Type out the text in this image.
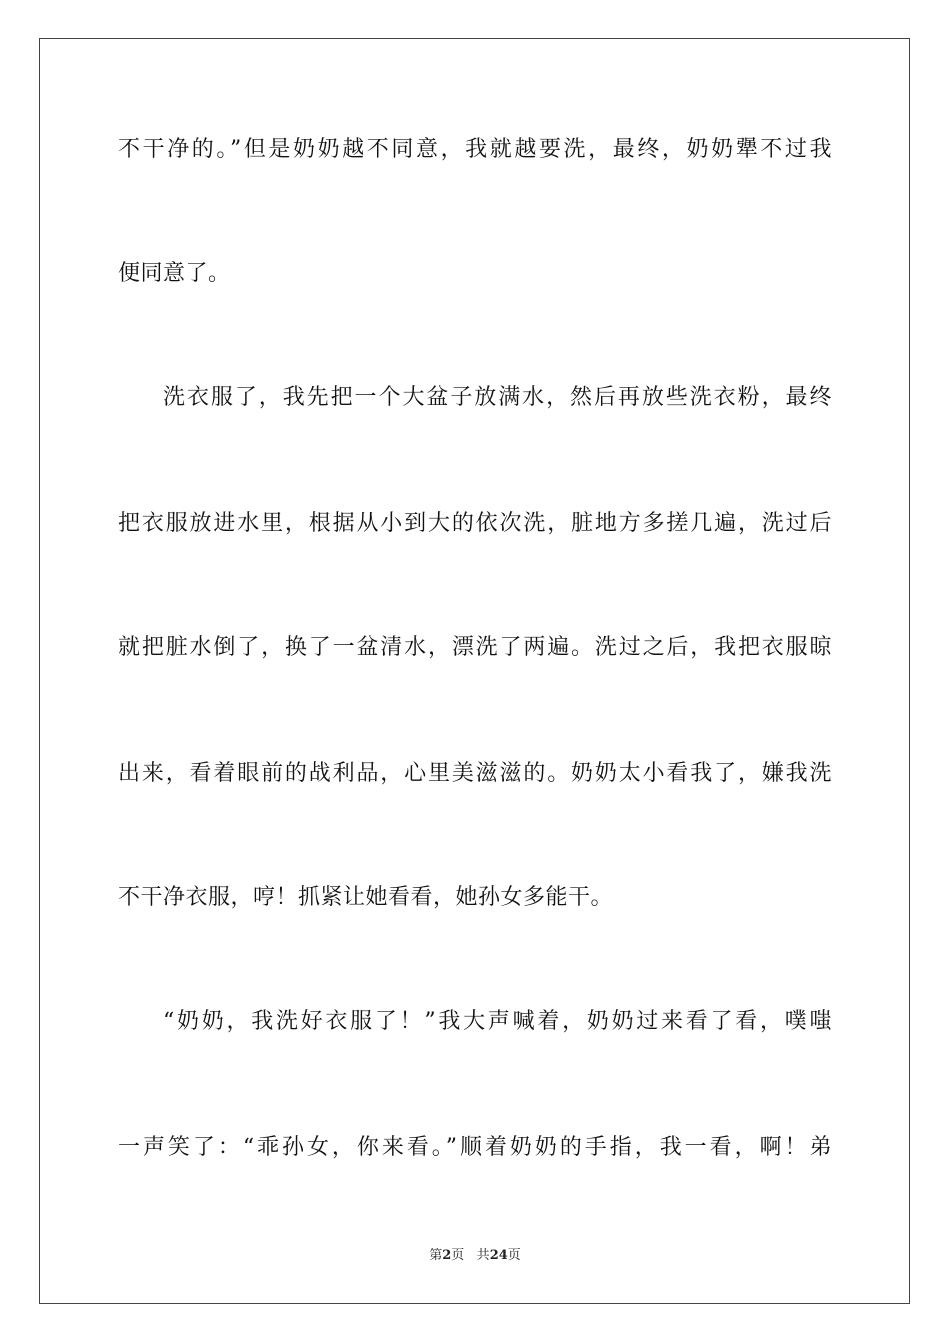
不干净的。”但是奶奶越不同意，我就越要洗，最终，奶奶犟不过我
便同意了。
洗衣服了，我先把一个大盆子放满水，然后再放些洗衣粉，最终
把衣服放进水里，根据从小到大的依次洗，脏地方多搓几遍，洗过后
就把脏水倒了，换了一盆清水，漂洗了两遍。洗过之后，我把衣服晾
出来，看着眼前的战利品，心里美滋滋的。奶奶太小看我了，嫌我洗
不干净衣服，哼！抓紧让她看看，她孙女多能干。
“奶奶，我洗好衣服了！”我大声喊着，奶奶过来看了看，噗嗤
一声笑了：“乖孙女，你来看。”顺着奶奶的手指，我一看，啊！弟
第2页 共24页
